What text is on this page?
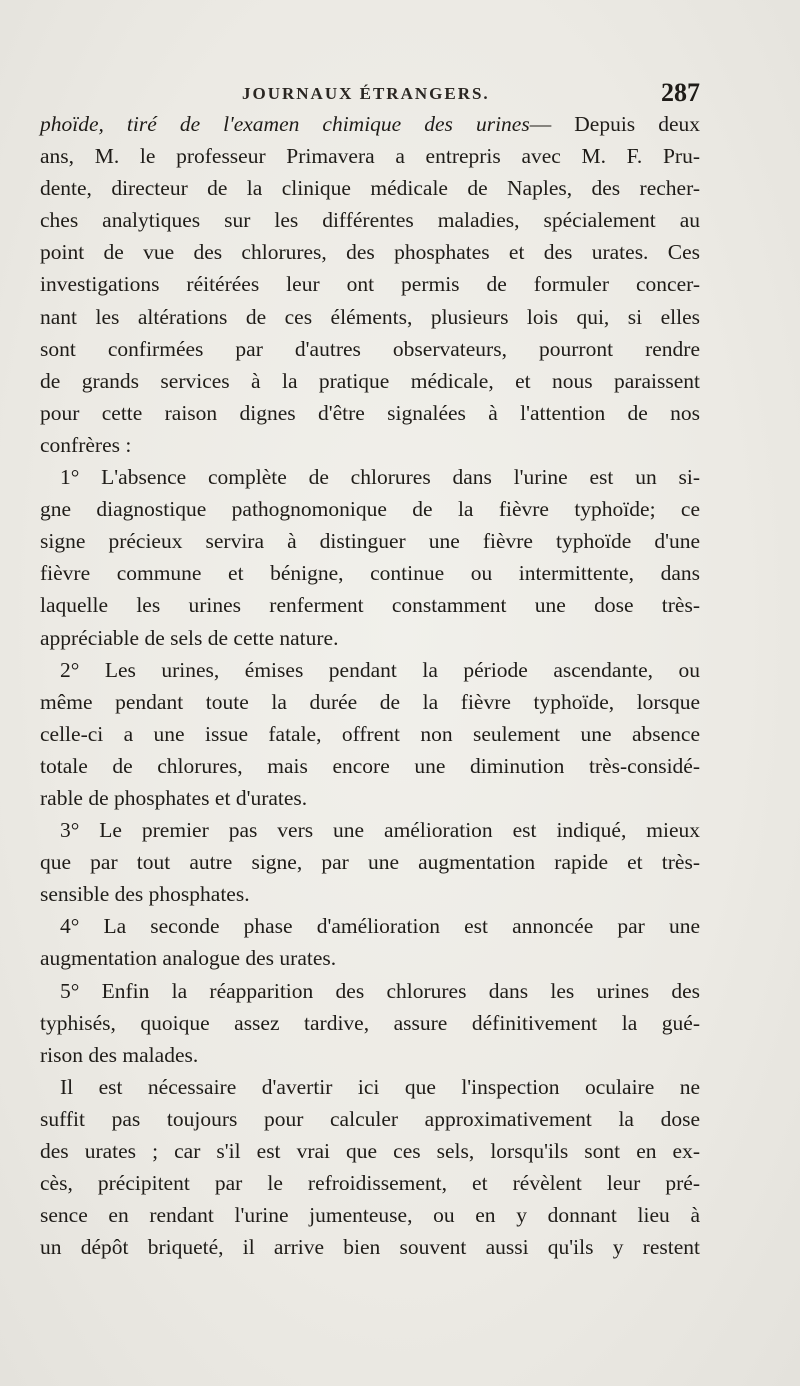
JOURNAUX ÉTRANGERS.	287
phoïde, tiré de l'examen chimique des urines— Depuis deux
ans, M. le professeur Primavera a entrepris avec M. F. Pru-
dente, directeur de la clinique médicale de Naples, des recher-
ches analytiques sur les différentes maladies, spécialement au
point de vue des chlorures, des phosphates et des urates. Ces
investigations réitérées leur ont permis de formuler concer-
nant les altérations de ces éléments, plusieurs lois qui, si elles
sont confirmées par d'autres observateurs, pourront rendre
de grands services à la pratique médicale, et nous paraissent
pour cette raison dignes d'être signalées à l'attention de nos
confrères :
1° L'absence complète de chlorures dans l'urine est un si-
gne diagnostique pathognomonique de la fièvre typhoïde; ce
signe précieux servira à distinguer une fièvre typhoïde d'une
fièvre commune et bénigne, continue ou intermittente, dans
laquelle les urines renferment constamment une dose très-
appréciable de sels de cette nature.
2° Les urines, émises pendant la période ascendante, ou
même pendant toute la durée de la fièvre typhoïde, lorsque
celle-ci a une issue fatale, offrent non seulement une absence
totale de chlorures, mais encore une diminution très-considé-
rable de phosphates et d'urates.
3° Le premier pas vers une amélioration est indiqué, mieux
que par tout autre signe, par une augmentation rapide et très-
sensible des phosphates.
4° La seconde phase d'amélioration est annoncée par une
augmentation analogue des urates.
5° Enfin la réapparition des chlorures dans les urines des
typhisés, quoique assez tardive, assure définitivement la gué-
rison des malades.
Il est nécessaire d'avertir ici que l'inspection oculaire ne
suffit pas toujours pour calculer approximativement la dose
des urates ; car s'il est vrai que ces sels, lorsqu'ils sont en ex-
cès, précipitent par le refroidissement, et révèlent leur pré-
sence en rendant l'urine jumenteuse, ou en y donnant lieu à
un dépôt briqueté, il arrive bien souvent aussi qu'ils y restent
